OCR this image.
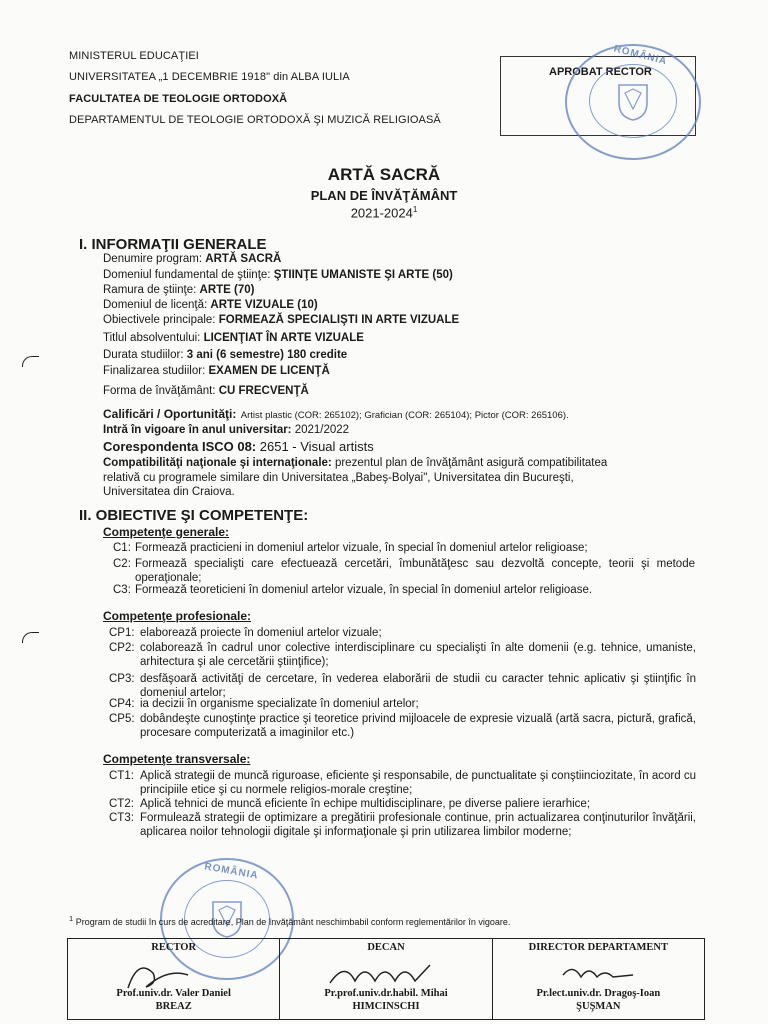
MINISTERUL EDUCAŢIEI
UNIVERSITATEA „1 DECEMBRIE 1918" din ALBA IULIA
FACULTATEA DE TEOLOGIE ORTODOXĂ
DEPARTAMENTUL DE TEOLOGIE ORTODOXĂ ŞI MUZICĂ RELIGIOASĂ
APROBAT RECTOR
ROMÂNIA
ARTĂ SACRĂ
PLAN DE ÎNVĂŢĂMÂNT
2021-2024$^1$
I. INFORMAŢII GENERALE
Denumire program: ARTĂ SACRĂ
Domeniul fundamental de ştiinţe: ŞTIINŢE UMANISTE ŞI ARTE (50)
Ramura de ştiinţe: ARTE (70)
Domeniul de licenţă: ARTE VIZUALE (10)
Obiectivele principale: FORMEAZĂ SPECIALIŞTI IN ARTE VIZUALE
Titlul absolventului: LICENŢIAT ÎN ARTE VIZUALE
Durata studiilor: 3 ani (6 semestre) 180 credite
Finalizarea studiilor: EXAMEN DE LICENŢĂ
Forma de învăţământ: CU FRECVENŢĂ
Calificări / Oportunităţi: Artist plastic (COR: 265102); Grafician (COR: 265104); Pictor (COR: 265106).
Intră în vigoare în anul universitar: 2021/2022
Corespondenta ISCO 08: 2651 - Visual artists
Compatibilităţi naţionale şi internaţionale: prezentul plan de învăţământ asigură compatibilitatea
relativă cu programele similare din Universitatea „Babeş-Bolyai", Universitatea din Bucureşti,
Universitatea din Craiova.
II. OBIECTIVE ŞI COMPETENŢE:
Competenţe generale:
C1: Formează practicieni in domeniul artelor vizuale, în special în domeniul artelor religioase;
C2: Formează specialişti care efectuează cercetări, îmbunătăţesc sau dezvoltă concepte, teorii şi metode operaţionale;
C3: Formează teoreticieni în domeniul artelor vizuale, în special în domeniul artelor religioase.
Competenţe profesionale:
CP1: elaborează proiecte în domeniul artelor vizuale;
CP2: colaborează în cadrul unor colective interdisciplinare cu specialişti în alte domenii (e.g. tehnice, umaniste, arhitectura şi ale cercetării ştiinţifice);
CP3: desfăşoară activităţi de cercetare, în vederea elaborării de studii cu caracter tehnic aplicativ şi ştiinţific în domeniul artelor;
CP4: ia decizii în organisme specializate în domeniul artelor;
CP5: dobândeşte cunoştinţe practice şi teoretice privind mijloacele de expresie vizuală (artă sacra, pictură, grafică, procesare computerizată a imaginilor etc.)
Competenţe transversale:
CT1: Aplică strategii de muncă riguroase, eficiente şi responsabile, de punctualitate şi conştiinciozitate, în acord cu principiile etice şi cu normele religios-morale creştine;
CT2: Aplică tehnici de muncă eficiente în echipe multidisciplinare, pe diverse paliere ierarhice;
CT3: Formulează strategii de optimizare a pregătirii profesionale continue, prin actualizarea conţinuturilor învăţării, aplicarea noilor tehnologii digitale şi informaţionale şi prin utilizarea limbilor moderne;
ROMÂNIA
$^1$ Program de studii în curs de acreditare, Plan de învăţământ neschimbabil conform reglementărilor în vigoare.
RECTOR
Prof.univ.dr. Valer Daniel
BREAZ

DECAN
Pr.prof.univ.dr.habil. Mihai
HIMCINSCHI

DIRECTOR DEPARTAMENT
Pr.lect.univ.dr. Dragoş-Ioan
ŞUŞMAN
